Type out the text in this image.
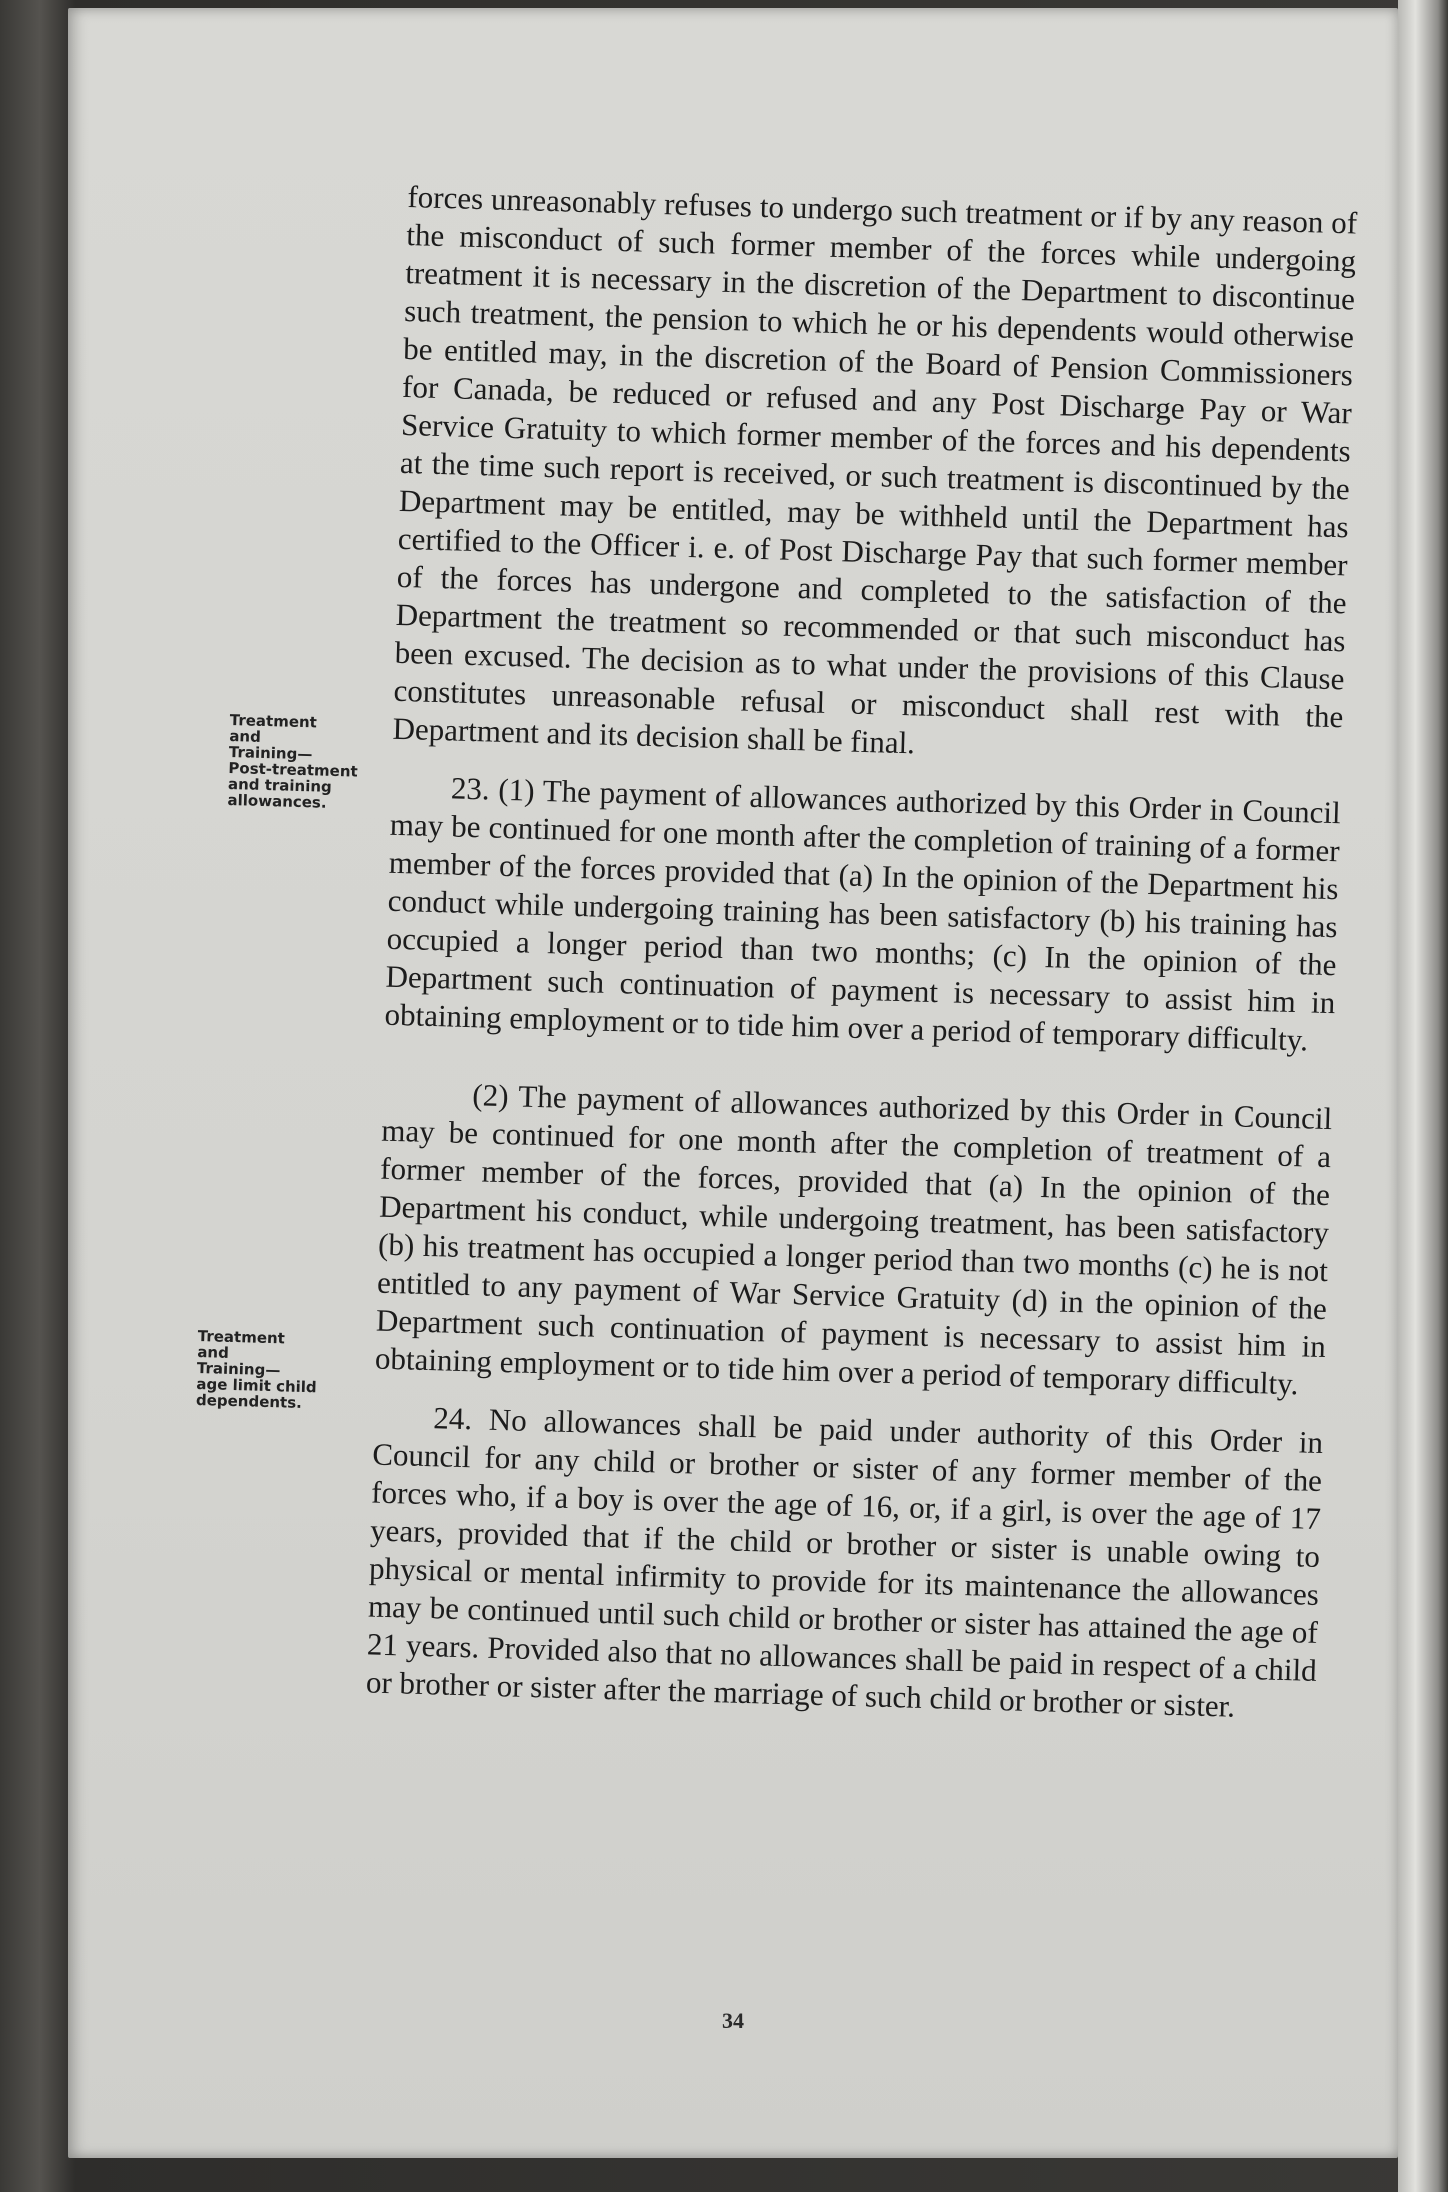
Treatment
and
Training—
Post-treatment
and training
allowances.
Treatment
and
Training—
age limit child
dependents.

forces unreasonably refuses to undergo such treatment or if by any reason of the misconduct of such former member of the forces while undergoing treatment it is necessary in the discretion of the Department to discontinue such treatment, the pension to which he or his dependents would otherwise be entitled may, in the discretion of the Board of Pension Commissioners for Canada, be reduced or refused and any Post Discharge Pay or War Service Gratuity to which former member of the forces and his dependents at the time such report is received, or such treatment is discontinued by the Department may be entitled, may be withheld until the Department has certified to the Officer i. e. of Post Discharge Pay that such former member of the forces has undergone and completed to the satisfaction of the Department the treatment so recommended or that such misconduct has been excused. The decision as to what under the provisions of this Clause constitutes unreasonable refusal or misconduct shall rest with the Department and its decision shall be final.

23. (1) The payment of allowances authorized by this Order in Council may be continued for one month after the completion of training of a former member of the forces provided that (a) In the opinion of the Department his conduct while undergoing training has been satisfactory (b) his training has occupied a longer period than two months; (c) In the opinion of the Department such continuation of payment is necessary to assist him in obtaining employment or to tide him over a period of temporary difficulty.

(2) The payment of allowances authorized by this Order in Council may be continued for one month after the completion of treatment of a former member of the forces, provided that (a) In the opinion of the Department his conduct, while undergoing treatment, has been satisfactory (b) his treatment has occupied a longer period than two months (c) he is not entitled to any payment of War Service Gratuity (d) in the opinion of the Department such continuation of payment is necessary to assist him in obtaining employment or to tide him over a period of temporary difficulty.

24. No allowances shall be paid under authority of this Order in Council for any child or brother or sister of any former member of the forces who, if a boy is over the age of 16, or, if a girl, is over the age of 17 years, provided that if the child or brother or sister is unable owing to physical or mental infirmity to provide for its maintenance the allowances may be continued until such child or brother or sister has attained the age of 21 years. Provided also that no allowances shall be paid in respect of a child or brother or sister after the marriage of such child or brother or sister.

34
